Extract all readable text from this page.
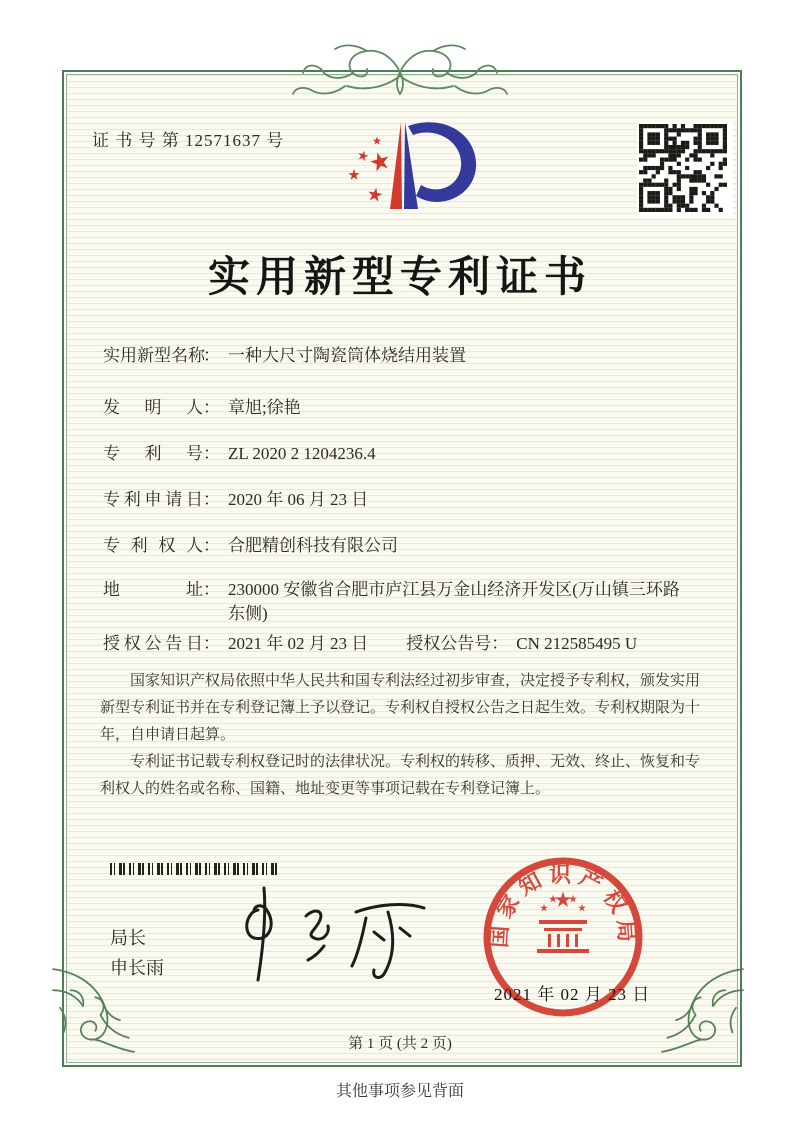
证 书 号 第 12571637 号
实用新型专利证书
实用新型名称
： 一种大尺寸陶瓷筒体烧结用装置
发明人 ： 章旭;徐艳
专利号 ： ZL 2020 2 1204236.4
专利申请日 ： 2020 年 06 月 23 日
专利权人 ： 合肥精创科技有限公司
地址 ： 230000 安徽省合肥市庐江县万金山经济开发区(万山镇三环路东侧)
授权公告日 ： 2021 年 02 月 23 日 授权公告号 ： CN 212585495 U

国家知识产权局依照中华人民共和国专利法经过初步审查，决定授予专利权，颁发实用新型专利证书并在专利登记簿上予以登记。专利权自授权公告之日起生效。专利权期限为十年，自申请日起算。

专利证书记载专利权登记时的法律状况。专利权的转移、质押、无效、终止、恢复和专利权人的姓名或名称、国籍、地址变更等事项记载在专利登记簿上。

局长
申长雨
国家知识产权局
2021 年 02 月 23 日
第 1 页 (共 2 页)
其他事项参见背面
